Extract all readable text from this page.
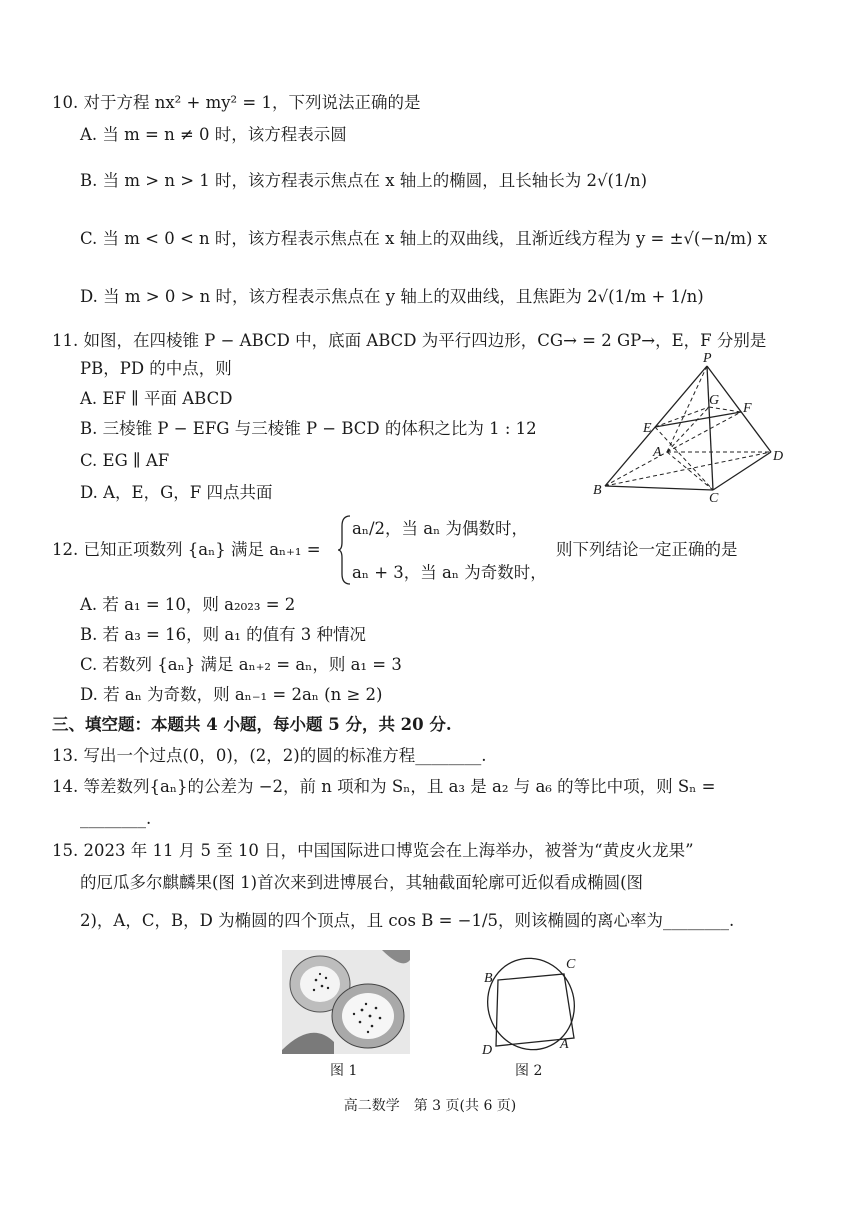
10. 对于方程 nx² + my² = 1，下列说法正确的是
A. 当 m = n ≠ 0 时，该方程表示圆
B. 当 m > n > 1 时，该方程表示焦点在 x 轴上的椭圆，且长轴长为 2√(1/n)
C. 当 m < 0 < n 时，该方程表示焦点在 x 轴上的双曲线，且渐近线方程为 y = ±√(−n/m) x
D. 当 m > 0 > n 时，该方程表示焦点在 y 轴上的双曲线，且焦距为 2√(1/m + 1/n)
11. 如图，在四棱锥 P − ABCD 中，底面 ABCD 为平行四边形，CG→ = 2 GP→，E，F 分别是
PB，PD 的中点，则
A. EF ∥ 平面 ABCD
B. 三棱锥 P − EFG 与三棱锥 P − BCD 的体积之比为 1 : 12
C. EG ∥ AF
D. A，E，G，F 四点共面
P
G
F
E
A	D
B
C
12. 已知正项数列 {aₙ} 满足 aₙ₊₁ =
aₙ/2，当 aₙ 为偶数时，
aₙ + 3，当 aₙ 为奇数时，
则下列结论一定正确的是
A. 若 a₁ = 10，则 a₂₀₂₃ = 2
B. 若 a₃ = 16，则 a₁ 的值有 3 种情况
C. 若数列 {aₙ} 满足 aₙ₊₂ = aₙ，则 a₁ = 3
D. 若 aₙ 为奇数，则 aₙ₋₁ = 2aₙ (n ≥ 2)
三、填空题：本题共 4 小题，每小题 5 分，共 20 分.
13. 写出一个过点(0，0)，(2，2)的圆的标准方程________.
14. 等差数列{aₙ}的公差为 −2，前 n 项和为 Sₙ，且 a₃ 是 a₂ 与 a₆ 的等比中项，则 Sₙ =
________.
15. 2023 年 11 月 5 至 10 日，中国国际进口博览会在上海举办，被誉为“黄皮火龙果”
的厄瓜多尔麒麟果(图 1)首次来到进博展台，其轴截面轮廓可近似看成椭圆(图
2)，A，C，B，D 为椭圆的四个顶点，且 cos B = −1/5，则该椭圆的离心率为________.
图 1
B
C
D	A
图 2
高二数学　第 3 页(共 6 页)
